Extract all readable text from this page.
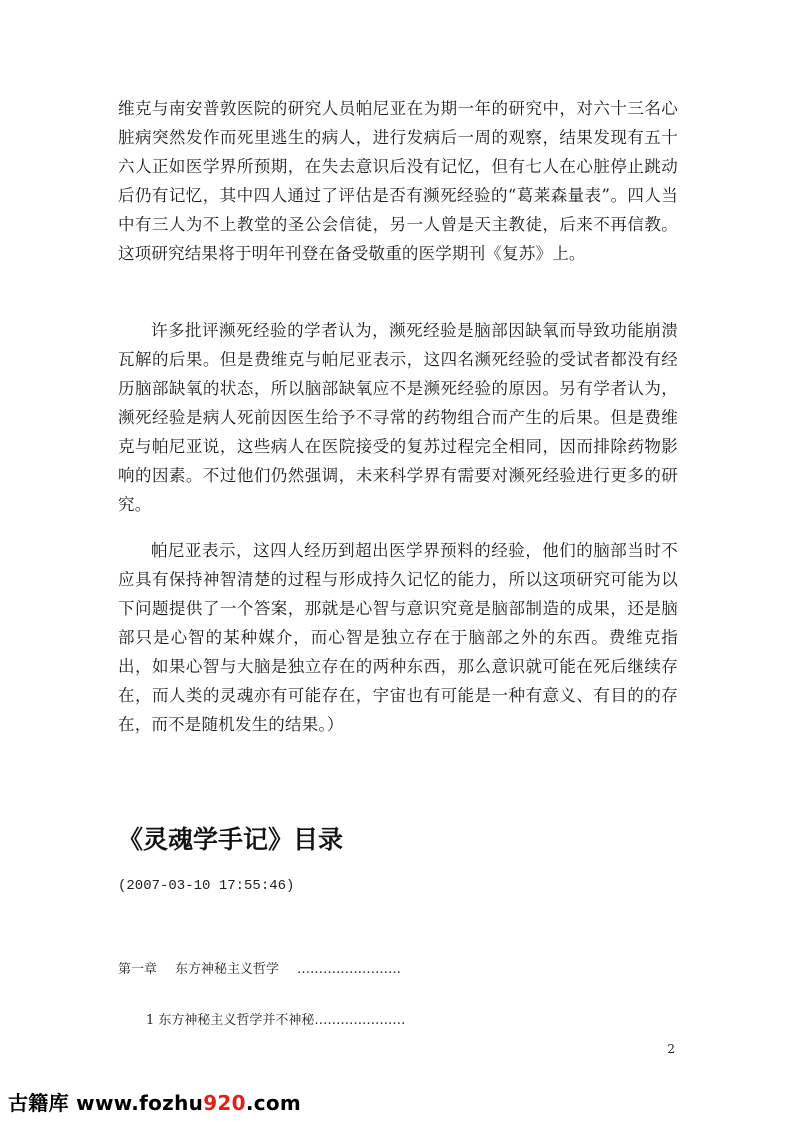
维克与南安普敦医院的研究人员帕尼亚在为期一年的研究中，对六十三名心脏病突然发作而死里逃生的病人，进行发病后一周的观察，结果发现有五十六人正如医学界所预期，在失去意识后没有记忆，但有七人在心脏停止跳动后仍有记忆，其中四人通过了评估是否有濒死经验的“葛莱森量表”。四人当中有三人为不上教堂的圣公会信徒，另一人曾是天主教徒，后来不再信教。这项研究结果将于明年刊登在备受敬重的医学期刊《复苏》上。

许多批评濒死经验的学者认为，濒死经验是脑部因缺氧而导致功能崩溃瓦解的后果。但是费维克与帕尼亚表示，这四名濒死经验的受试者都没有经历脑部缺氧的状态，所以脑部缺氧应不是濒死经验的原因。另有学者认为，濒死经验是病人死前因医生给予不寻常的药物组合而产生的后果。但是费维克与帕尼亚说，这些病人在医院接受的复苏过程完全相同，因而排除药物影响的因素。不过他们仍然强调，未来科学界有需要对濒死经验进行更多的研究。

帕尼亚表示，这四人经历到超出医学界预料的经验，他们的脑部当时不应具有保持神智清楚的过程与形成持久记忆的能力，所以这项研究可能为以下问题提供了一个答案，那就是心智与意识究竟是脑部制造的成果，还是脑部只是心智的某种媒介，而心智是独立存在于脑部之外的东西。费维克指出，如果心智与大脑是独立存在的两种东西，那么意识就可能在死后继续存在，而人类的灵魂亦有可能存在，宇宙也有可能是一种有意义、有目的的存在，而不是随机发生的结果。）

《灵魂学手记》目录
(2007-03-10 17:55:46)
第一章 东方神秘主义哲学 ……………………
1 东方神秘主义哲学并不神秘…………………
2
古籍库 www.fozhu920.com
